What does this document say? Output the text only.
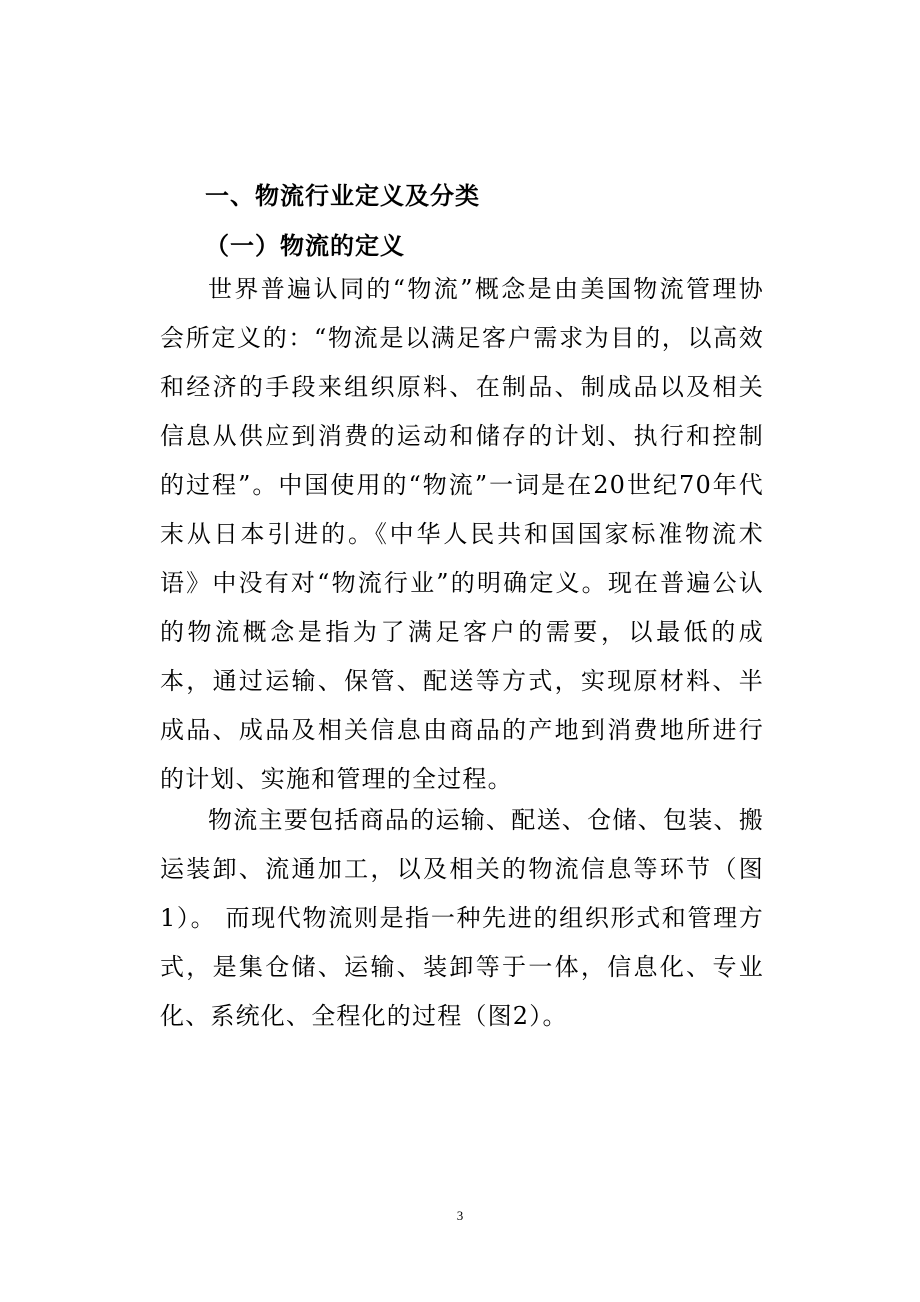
一、物流行业定义及分类
（一）物流的定义

世界普遍认同的“物流”概念是由美国物流管理协会所定义的：“物流是以满足客户需求为目的，以高效和经济的手段来组织原料、在制品、制成品以及相关信息从供应到消费的运动和储存的计划、执行和控制的过程”。中国使用的“物流”一词是在20世纪70年代末从日本引进的。《中华人民共和国国家标准物流术语》中没有对“物流行业”的明确定义。现在普遍公认的物流概念是指为了满足客户的需要，以最低的成本，通过运输、保管、配送等方式，实现原材料、半成品、成品及相关信息由商品的产地到消费地所进行的计划、实施和管理的全过程。

物流主要包括商品的运输、配送、仓储、包装、搬运装卸、流通加工，以及相关的物流信息等环节（图1）。 而现代物流则是指一种先进的组织形式和管理方式，是集仓储、运输、装卸等于一体，信息化、专业化、系统化、全程化的过程（图2）。

3
